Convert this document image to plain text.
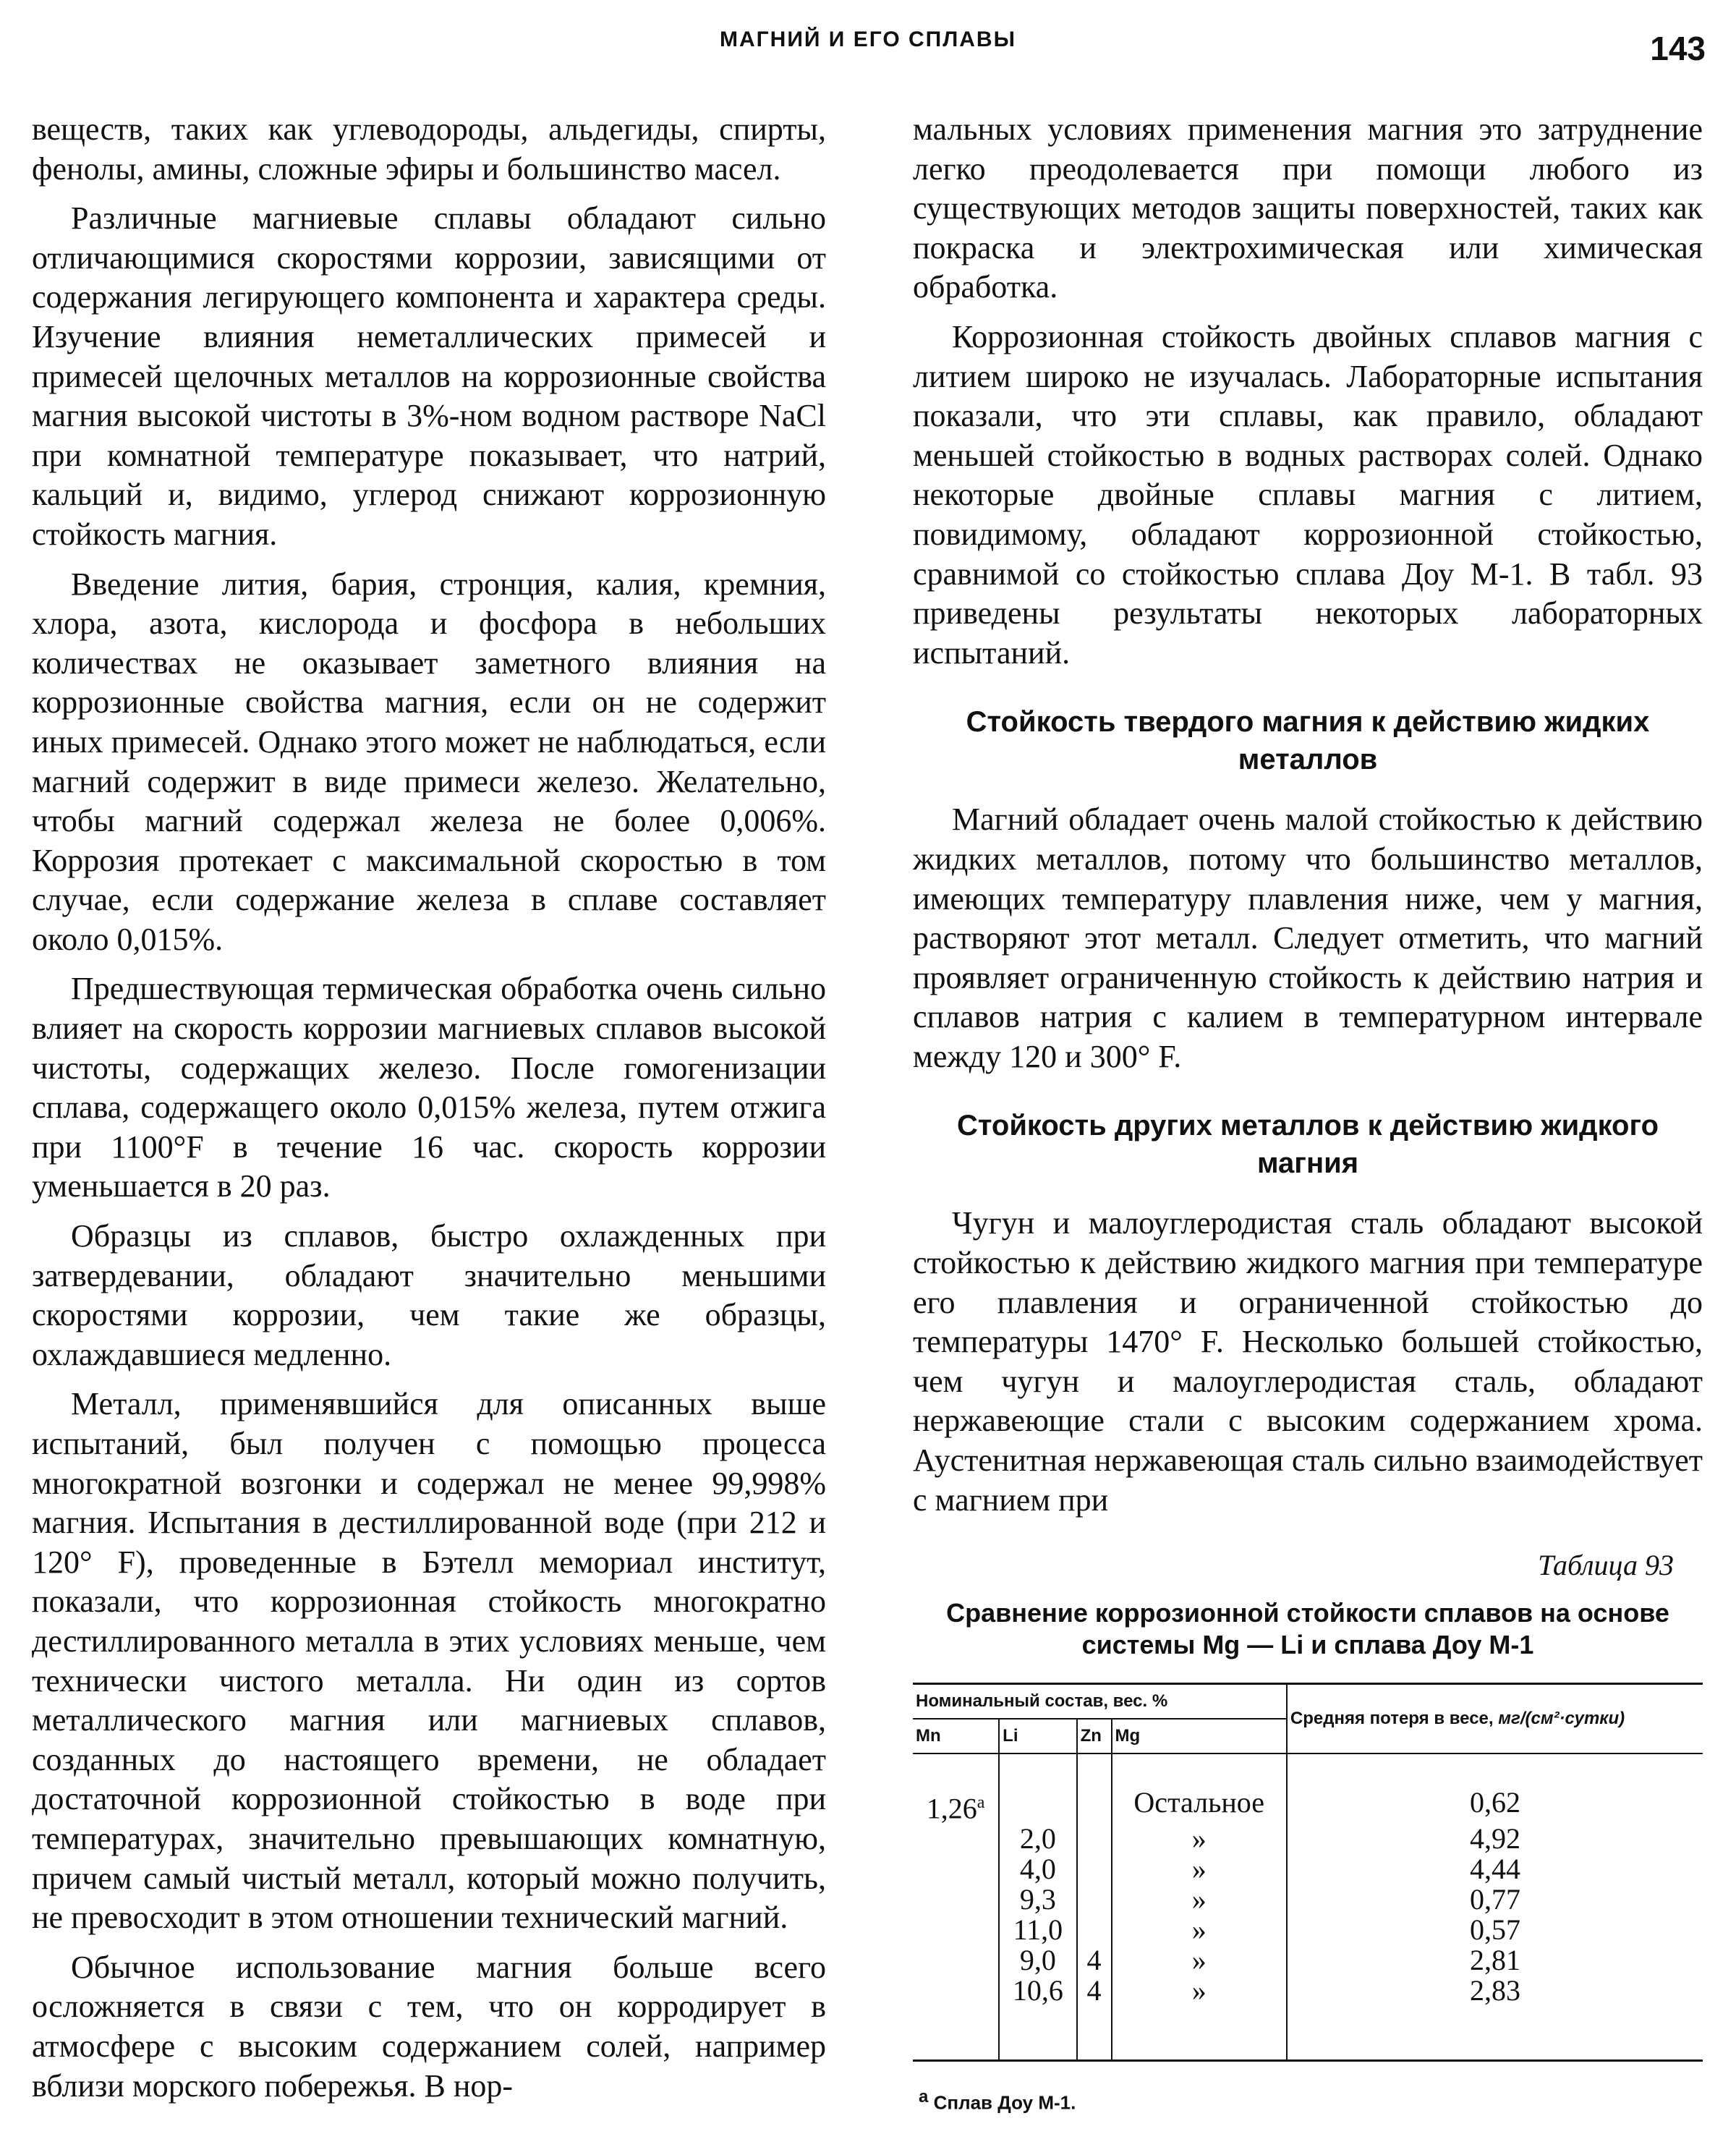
МАГНИЙ И ЕГО СПЛАВЫ	143

веществ, таких как углеводороды, альдегиды, спирты, фенолы, амины, сложные эфиры и большинство масел.

Различные магниевые сплавы обладают сильно отличающимися скоростями коррозии, зависящими от содержания легирующего компонента и характера среды. Изучение влияния неметаллических примесей и примесей щелочных металлов на коррозионные свойства магния высокой чистоты в 3%-ном водном растворе NaCl при комнатной температуре показывает, что натрий, кальций и, видимо, углерод снижают коррозионную стойкость магния.

Введение лития, бария, стронция, калия, кремния, хлора, азота, кислорода и фосфора в небольших количествах не оказывает заметного влияния на коррозионные свойства магния, если он не содержит иных примесей. Однако этого может не наблюдаться, если магний содержит в виде примеси железо. Желательно, чтобы магний содержал железа не более 0,006%. Коррозия протекает с максимальной скоростью в том случае, если содержание железа в сплаве составляет около 0,015%.

Предшествующая термическая обработка очень сильно влияет на скорость коррозии магниевых сплавов высокой чистоты, содержащих железо. После гомогенизации сплава, содержащего около 0,015% железа, путем отжига при 1100°F в течение 16 час. скорость коррозии уменьшается в 20 раз.

Образцы из сплавов, быстро охлажденных при затвердевании, обладают значительно меньшими скоростями коррозии, чем такие же образцы, охлаждавшиеся медленно.

Металл, применявшийся для описанных выше испытаний, был получен с помощью процесса многократной возгонки и содержал не менее 99,998% магния. Испытания в дестиллированной воде (при 212 и 120° F), проведенные в Бэтелл мемориал институт, показали, что коррозионная стойкость многократно дестиллированного металла в этих условиях меньше, чем технически чистого металла. Ни один из сортов металлического магния или магниевых сплавов, созданных до настоящего времени, не обладает достаточной коррозионной стойкостью в воде при температурах, значительно превышающих комнатную, причем самый чистый металл, который можно получить, не превосходит в этом отношении технический магний.

Обычное использование магния больше всего осложняется в связи с тем, что он корродирует в атмосфере с высоким содержанием солей, например вблизи морского побережья. В нор-

мальных условиях применения магния это затруднение легко преодолевается при помощи любого из существующих методов защиты поверхностей, таких как покраска и электрохимическая или химическая обработка.

Коррозионная стойкость двойных сплавов магния с литием широко не изучалась. Лабораторные испытания показали, что эти сплавы, как правило, обладают меньшей стойкостью в водных растворах солей. Однако некоторые двойные сплавы магния с литием, повидимому, обладают коррозионной стойкостью, сравнимой со стойкостью сплава Доу М-1. В табл. 93 приведены результаты некоторых лабораторных испытаний.

Стойкость твердого магния к действию жидких металлов

Магний обладает очень малой стойкостью к действию жидких металлов, потому что большинство металлов, имеющих температуру плавления ниже, чем у магния, растворяют этот металл. Следует отметить, что магний проявляет ограниченную стойкость к действию натрия и сплавов натрия с калием в температурном интервале между 120 и 300° F.

Стойкость других металлов к действию жидкого магния

Чугун и малоуглеродистая сталь обладают высокой стойкостью к действию жидкого магния при температуре его плавления и ограниченной стойкостью до температуры 1470° F. Несколько большей стойкостью, чем чугун и малоуглеродистая сталь, обладают нержавеющие стали с высоким содержанием хрома. Аустенитная нержавеющая сталь сильно взаимодействует с магнием при

Таблица 93
Сравнение коррозионной стойкости сплавов на основе системы Mg — Li и сплава Доу М-1
Номинальный состав, вес. %				Средняя потеря в весе, мг/(см²·сутки)
Mn	Li	Zn	Mg	

$1,26^а$			Остальное	0,62
	2,0		»	4,92
	4,0		»	4,44
	9,3		»	0,77
	11,0		»	0,57
	9,0	4	»	2,81
	10,6	4	»	2,83

а Сплав Доу М-1.
